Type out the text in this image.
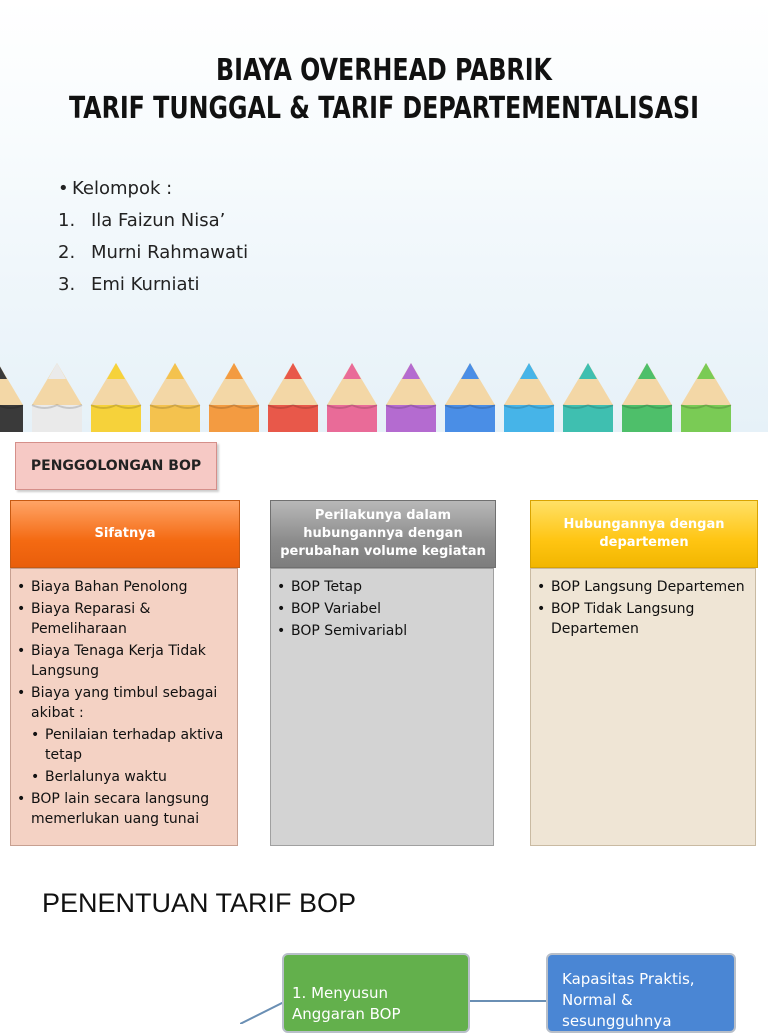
BIAYA OVERHEAD PABRIK
TARIF TUNGGAL & TARIF DEPARTEMENTALISASI
• Kelompok :
1. Ila Faizun Nisa’
2. Murni Rahmawati
3. Emi Kurniati
PENGGOLONGAN BOP
Sifatnya
Perilakunya dalam hubungannya dengan perubahan volume kegiatan
Hubungannya dengan departemen
• Biaya Bahan Penolong
• Biaya Reparasi & Pemeliharaan
• Biaya Tenaga Kerja Tidak Langsung
• Biaya yang timbul sebagai akibat :
• Penilaian terhadap aktiva tetap
• Berlalunya waktu
• BOP lain secara langsung memerlukan uang tunai
• BOP Tetap
• BOP Variabel
• BOP Semivariabl
• BOP Langsung Departemen
• BOP Tidak Langsung Departemen
PENENTUAN TARIF BOP
1. Menyusun Anggaran BOP
Kapasitas Praktis, Normal & sesungguhnya
